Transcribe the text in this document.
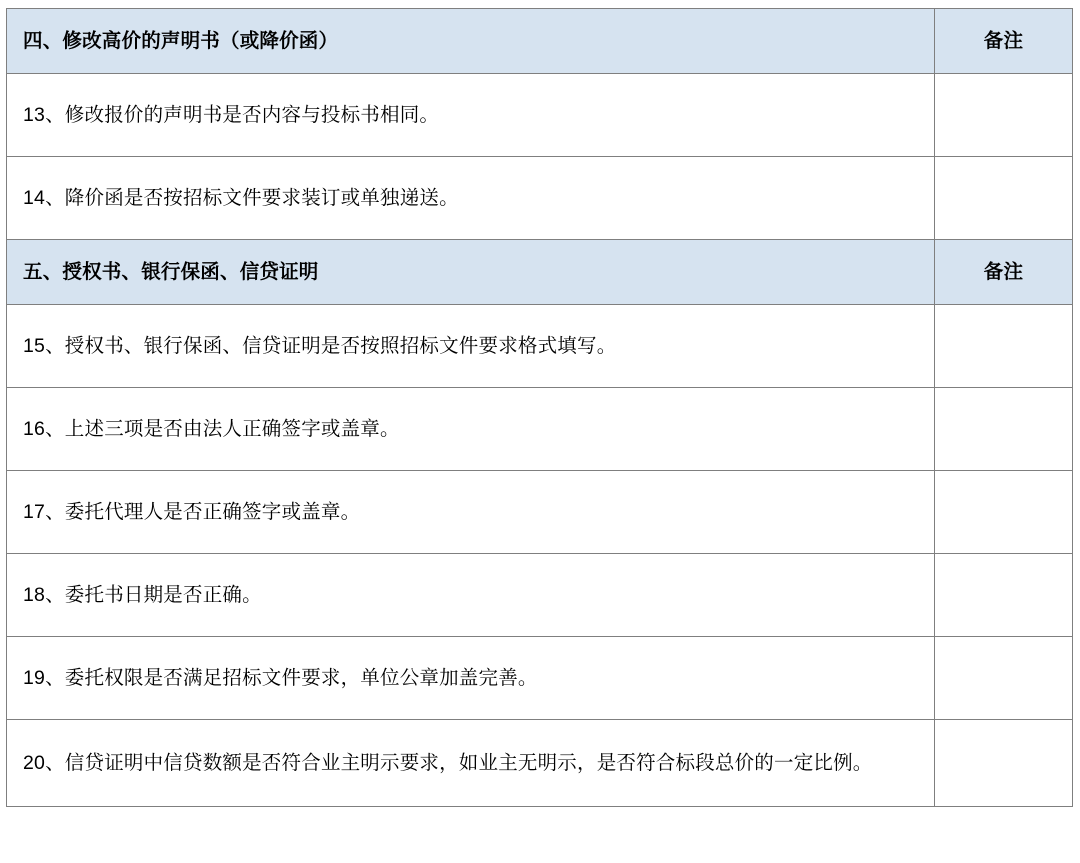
四、修改高价的声明书（或降价函）	备注

13、修改报价的声明书是否内容与投标书相同。	

14、降价函是否按招标文件要求装订或单独递送。	

五、授权书、银行保函、信贷证明	备注

15、授权书、银行保函、信贷证明是否按照招标文件要求格式填写。	

16、上述三项是否由法人正确签字或盖章。	

17、委托代理人是否正确签字或盖章。	

18、委托书日期是否正确。	

19、委托权限是否满足招标文件要求，单位公章加盖完善。	

20、信贷证明中信贷数额是否符合业主明示要求，如业主无明示，是否符合标段总价的一定比例。	
